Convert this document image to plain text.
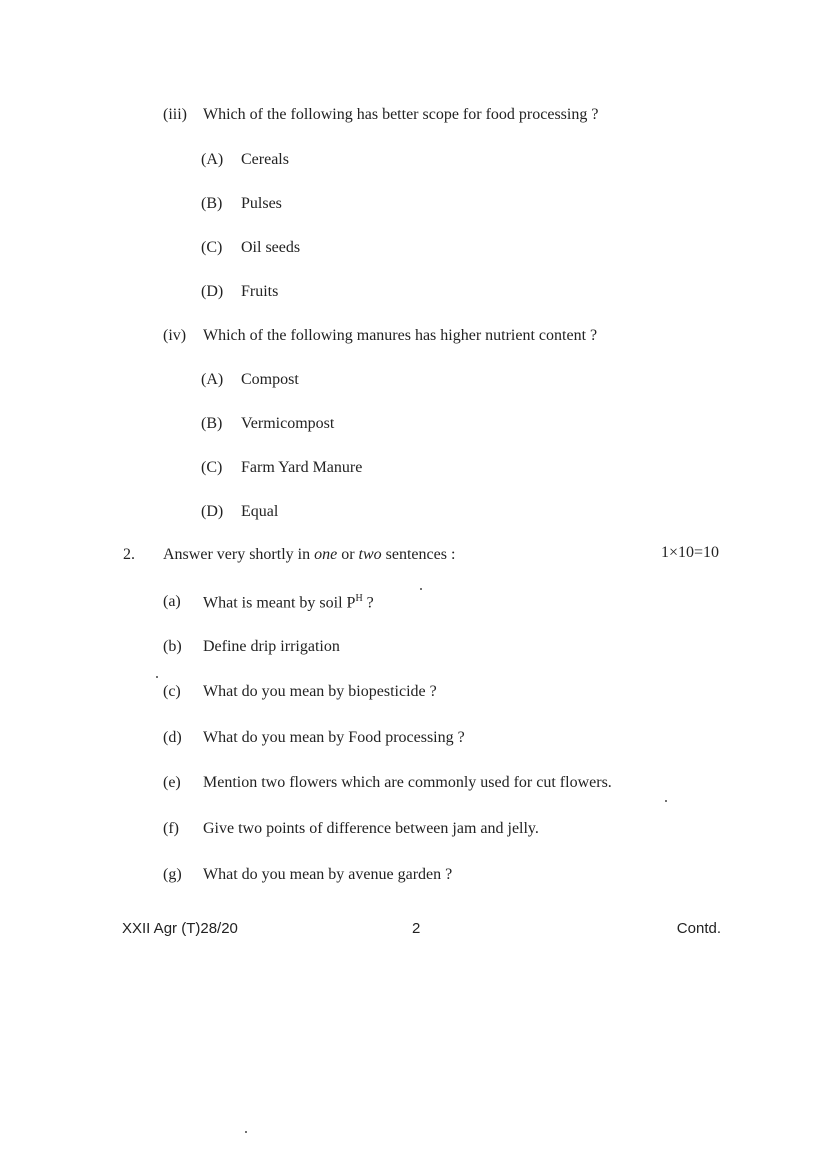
(iii) Which of the following has better scope for food processing ?
(A) Cereals
(B) Pulses
(C) Oil seeds
(D) Fruits
(iv) Which of the following manures has higher nutrient content ?
(A) Compost
(B) Vermicompost
(C) Farm Yard Manure
(D) Equal
2. Answer very shortly in one or two sentences :	1×10=10
(a) What is meant by soil $P^H$ ?
(b) Define drip irrigation
(c) What do you mean by biopesticide ?
(d) What do you mean by Food processing ?
(e) Mention two flowers which are commonly used for cut flowers.
(f) Give two points of difference between jam and jelly.
(g) What do you mean by avenue garden ?
XXII Agr (T)28/20	2	Contd.
